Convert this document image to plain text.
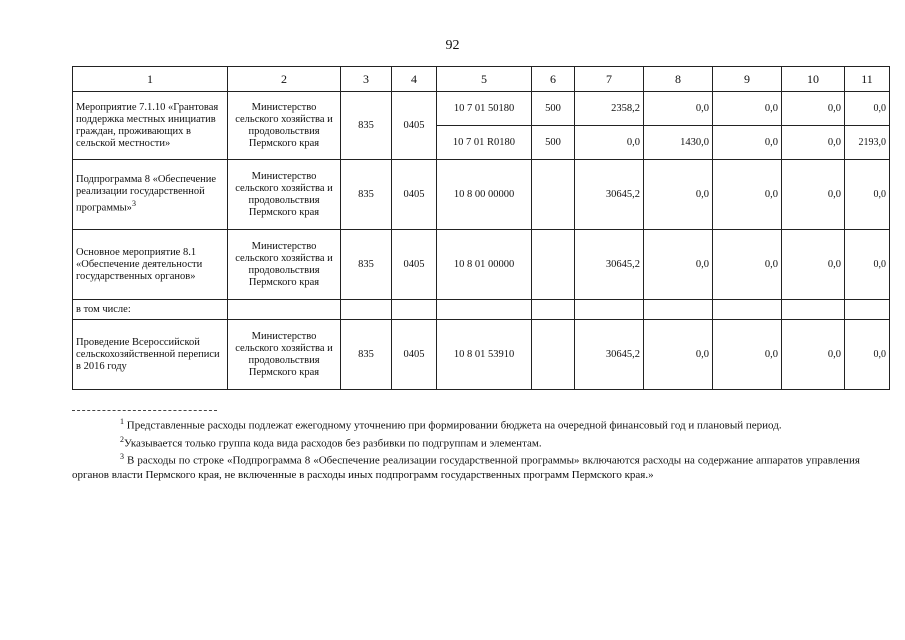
92
1	2	3	4	5	6	7	8	9	10	11
Мероприятие 7.1.10 «Грантовая поддержка местных инициатив граждан, проживающих в сельской местности»	Министерство сельского хозяйства и продовольствия Пермского края	835	0405	10 7 01 50180	500	2358,2	0,0	0,0	0,0	0,0
				10 7 01 R0180	500	0,0	1430,0	0,0	0,0	2193,0
Подпрограмма 8 «Обеспечение реализации государственной программы»$^3$	Министерство сельского хозяйства и продовольствия Пермского края	835	0405	10 8 00 00000		30645,2	0,0	0,0	0,0	0,0
Основное мероприятие 8.1 «Обеспечение деятельности государственных органов»	Министерство сельского хозяйства и продовольствия Пермского края	835	0405	10 8 01 00000		30645,2	0,0	0,0	0,0	0,0
в том числе:										
Проведение Всероссийской сельскохозяйственной переписи в 2016 году	Министерство сельского хозяйства и продовольствия Пермского края	835	0405	10 8 01 53910		30645,2	0,0	0,0	0,0	0,0

$^1$ Представленные расходы подлежат ежегодному уточнению при формировании бюджета на очередной финансовый год и плановый период.

$^2$Указывается только группа кода вида расходов без разбивки по подгруппам и элементам.

$^3$ В расходы по строке «Подпрограмма 8 «Обеспечение реализации государственной программы» включаются расходы на содержание аппаратов управления органов власти Пермского края, не включенные в расходы иных подпрограмм государственных программ Пермского края.»
